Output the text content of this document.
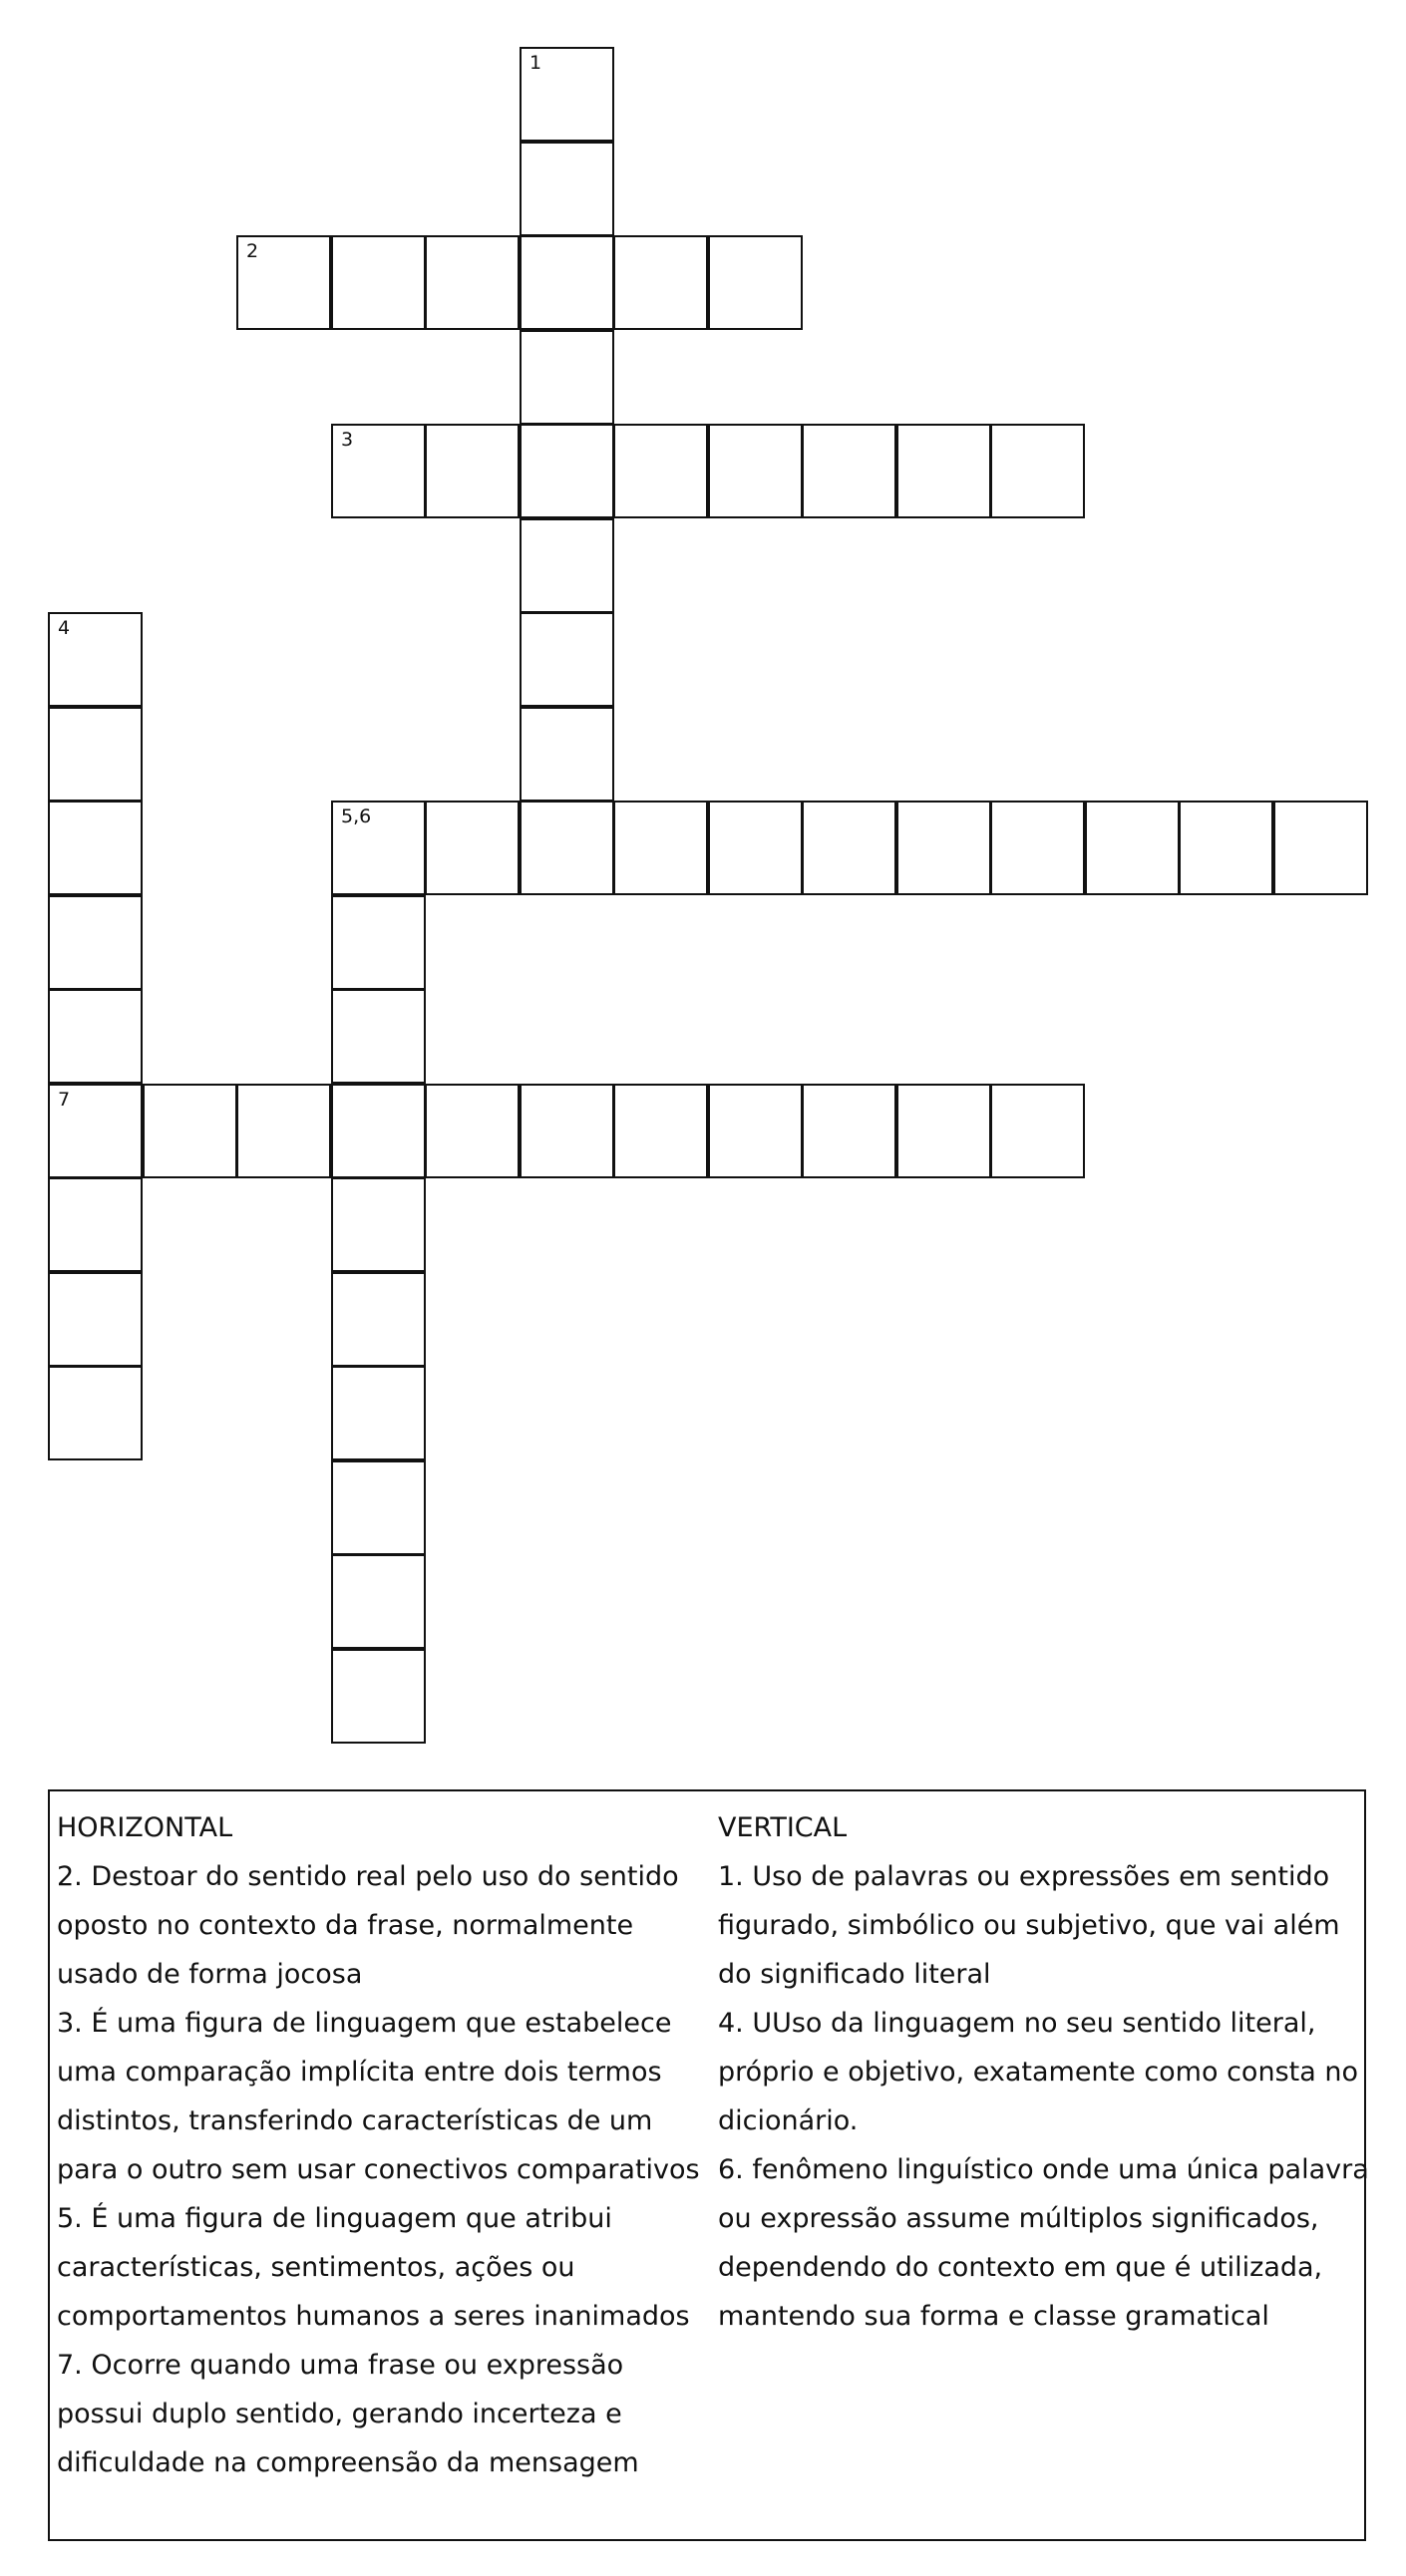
1
2
3
4
7
5,6
HORIZONTAL
2. Destoar do sentido real pelo uso do sentido
oposto no contexto da frase, normalmente
usado de forma jocosa
3. É uma figura de linguagem que estabelece
uma comparação implícita entre dois termos
distintos, transferindo características de um
para o outro sem usar conectivos comparativos
5. É uma figura de linguagem que atribui
características, sentimentos, ações ou
comportamentos humanos a seres inanimados
7. Ocorre quando uma frase ou expressão
possui duplo sentido, gerando incerteza e
dificuldade na compreensão da mensagem
VERTICAL
1. Uso de palavras ou expressões em sentido
figurado, simbólico ou subjetivo, que vai além
do significado literal
4. UUso da linguagem no seu sentido literal,
próprio e objetivo, exatamente como consta no
dicionário.
6. fenômeno linguístico onde uma única palavra
ou expressão assume múltiplos significados,
dependendo do contexto em que é utilizada,
mantendo sua forma e classe gramatical
